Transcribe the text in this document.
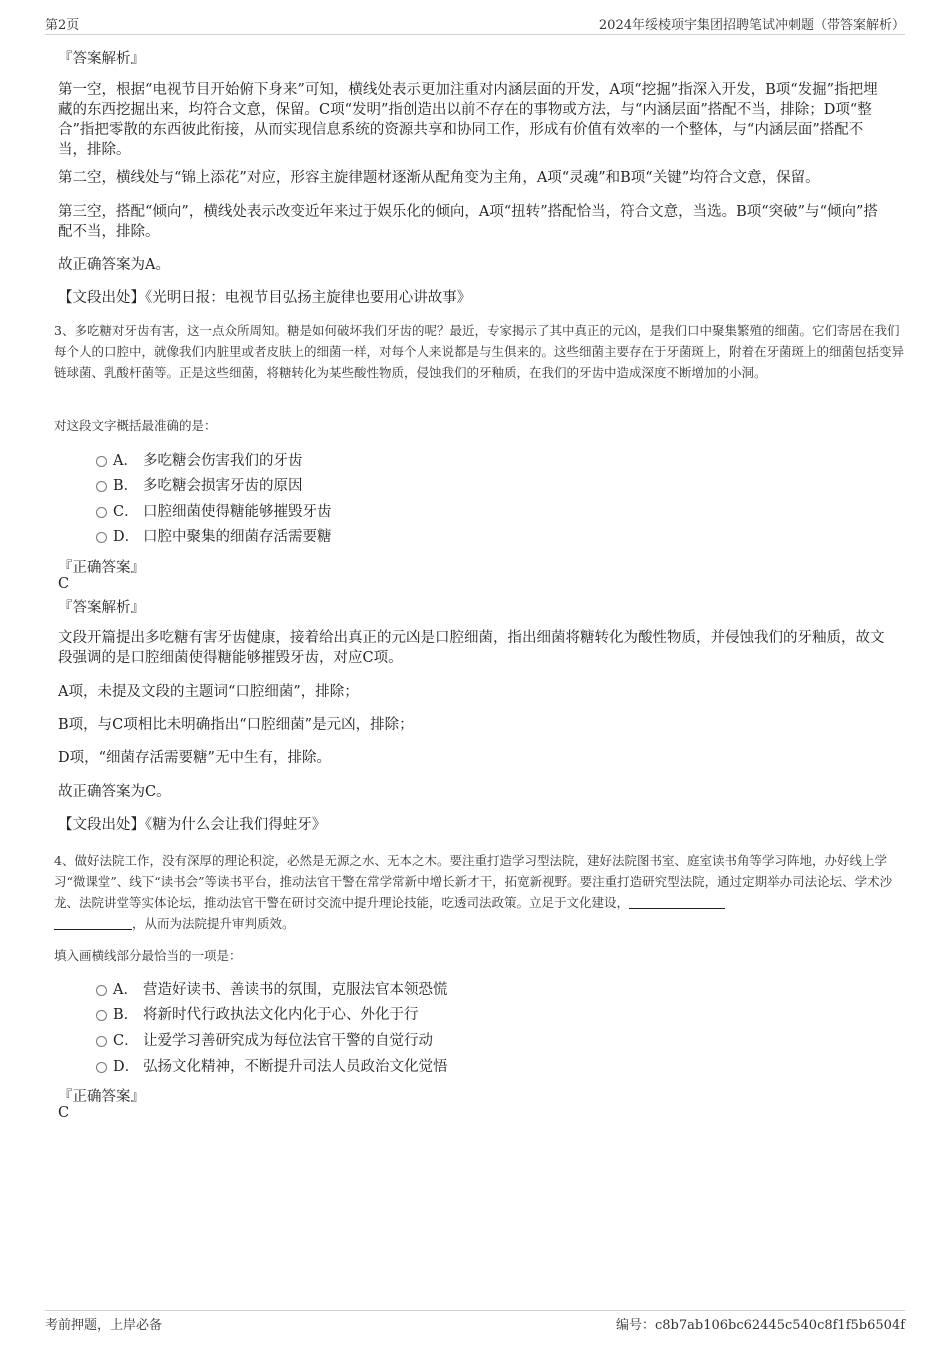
第2页	2024年绥棱项宇集团招聘笔试冲刺题（带答案解析）
『答案解析』
第一空，根据“电视节目开始俯下身来”可知，横线处表示更加注重对内涵层面的开发，A项“挖掘”指深入开发，B项“发掘”指把埋藏的东西挖掘出来，均符合文意，保留。C项“发明”指创造出以前不存在的事物或方法，与“内涵层面”搭配不当，排除；D项“整合”指把零散的东西彼此衔接，从而实现信息系统的资源共享和协同工作，形成有价值有效率的一个整体，与“内涵层面”搭配不当，排除。
第二空，横线处与“锦上添花”对应，形容主旋律题材逐渐从配角变为主角，A项“灵魂”和B项“关键”均符合文意，保留。
第三空，搭配“倾向”，横线处表示改变近年来过于娱乐化的倾向，A项“扭转”搭配恰当，符合文意，当选。B项“突破”与“倾向”搭配不当，排除。
故正确答案为A。
【文段出处】《光明日报：电视节目弘扬主旋律也要用心讲故事》
3、多吃糖对牙齿有害，这一点众所周知。糖是如何破坏我们牙齿的呢？最近，专家揭示了其中真正的元凶，是我们口中聚集繁殖的细菌。它们寄居在我们每个人的口腔中，就像我们内脏里或者皮肤上的细菌一样，对每个人来说都是与生俱来的。这些细菌主要存在于牙菌斑上，附着在牙菌斑上的细菌包括变异链球菌、乳酸杆菌等。正是这些细菌，将糖转化为某些酸性物质，侵蚀我们的牙釉质，在我们的牙齿中造成深度不断增加的小洞。
对这段文字概括最准确的是：
A． 多吃糖会伤害我们的牙齿
B． 多吃糖会损害牙齿的原因
C． 口腔细菌使得糖能够摧毁牙齿
D． 口腔中聚集的细菌存活需要糖
『正确答案』
C
『答案解析』
文段开篇提出多吃糖有害牙齿健康，接着给出真正的元凶是口腔细菌，指出细菌将糖转化为酸性物质，并侵蚀我们的牙釉质，故文段强调的是口腔细菌使得糖能够摧毁牙齿，对应C项。
A项，未提及文段的主题词“口腔细菌”，排除；
B项，与C项相比未明确指出“口腔细菌”是元凶，排除；
D项，“细菌存活需要糖”无中生有，排除。
故正确答案为C。
【文段出处】《糖为什么会让我们得蛀牙》
4、做好法院工作，没有深厚的理论积淀，必然是无源之水、无本之木。要注重打造学习型法院，建好法院图书室、庭室读书角等学习阵地，办好线上学习“微课堂”、线下“读书会”等读书平台，推动法官干警在常学常新中增长新才干，拓宽新视野。要注重打造研究型法院，通过定期举办司法论坛、学术沙龙、法院讲堂等实体论坛，推动法官干警在研讨交流中提升理论技能，吃透司法政策。立足于文化建设，
，从而为法院提升审判质效。
填入画横线部分最恰当的一项是：
A． 营造好读书、善读书的氛围，克服法官本领恐慌
B． 将新时代行政执法文化内化于心、外化于行
C． 让爱学习善研究成为每位法官干警的自觉行动
D． 弘扬文化精神，不断提升司法人员政治文化觉悟
『正确答案』
C
考前押题，上岸必备	编号：c8b7ab106bc62445c540c8f1f5b6504f
